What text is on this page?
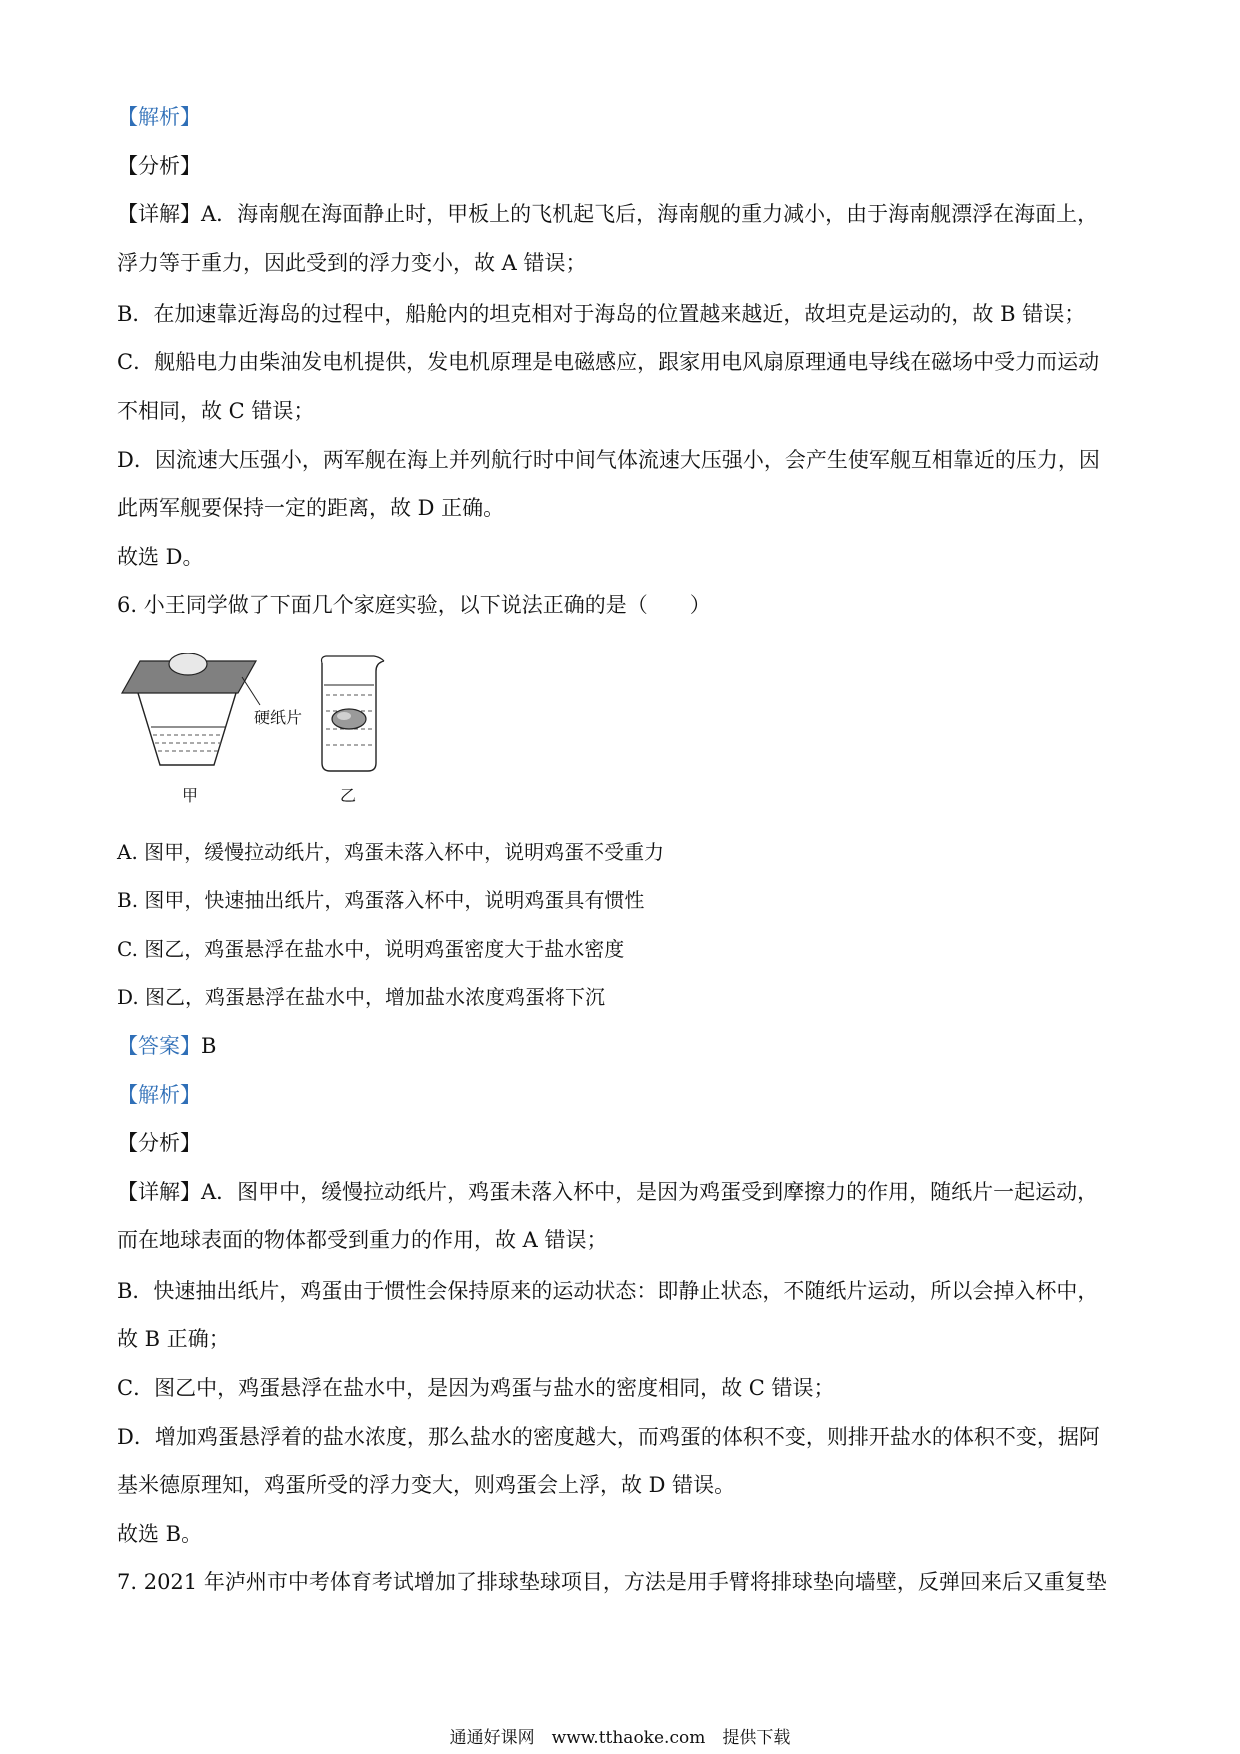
【解析】
【分析】
【详解】A．海南舰在海面静止时，甲板上的飞机起飞后，海南舰的重力减小，由于海南舰漂浮在海面上，
浮力等于重力，因此受到的浮力变小，故 A 错误；
B．在加速靠近海岛的过程中，船舱内的坦克相对于海岛的位置越来越近，故坦克是运动的，故 B 错误；
C．舰船电力由柴油发电机提供，发电机原理是电磁感应，跟家用电风扇原理通电导线在磁场中受力而运动
不相同，故 C 错误；
D．因流速大压强小，两军舰在海上并列航行时中间气体流速大压强小，会产生使军舰互相靠近的压力，因
此两军舰要保持一定的距离，故 D 正确。
故选 D。
6. 小王同学做了下面几个家庭实验，以下说法正确的是（　　）
硬纸片
甲	乙
A. 图甲，缓慢拉动纸片，鸡蛋未落入杯中，说明鸡蛋不受重力
B. 图甲，快速抽出纸片，鸡蛋落入杯中，说明鸡蛋具有惯性
C. 图乙，鸡蛋悬浮在盐水中，说明鸡蛋密度大于盐水密度
D. 图乙，鸡蛋悬浮在盐水中，增加盐水浓度鸡蛋将下沉
【答案】B
【解析】
【分析】
【详解】A．图甲中，缓慢拉动纸片，鸡蛋未落入杯中，是因为鸡蛋受到摩擦力的作用，随纸片一起运动，
而在地球表面的物体都受到重力的作用，故 A 错误；
B．快速抽出纸片，鸡蛋由于惯性会保持原来的运动状态：即静止状态，不随纸片运动，所以会掉入杯中，
故 B 正确；
C．图乙中，鸡蛋悬浮在盐水中，是因为鸡蛋与盐水的密度相同，故 C 错误；
D．增加鸡蛋悬浮着的盐水浓度，那么盐水的密度越大，而鸡蛋的体积不变，则排开盐水的体积不变，据阿
基米德原理知，鸡蛋所受的浮力变大，则鸡蛋会上浮，故 D 错误。
故选 B。
7. 2021 年泸州市中考体育考试增加了排球垫球项目，方法是用手臂将排球垫向墙壁，反弹回来后又重复垫
通通好课网　www.tthaoke.com　提供下载
